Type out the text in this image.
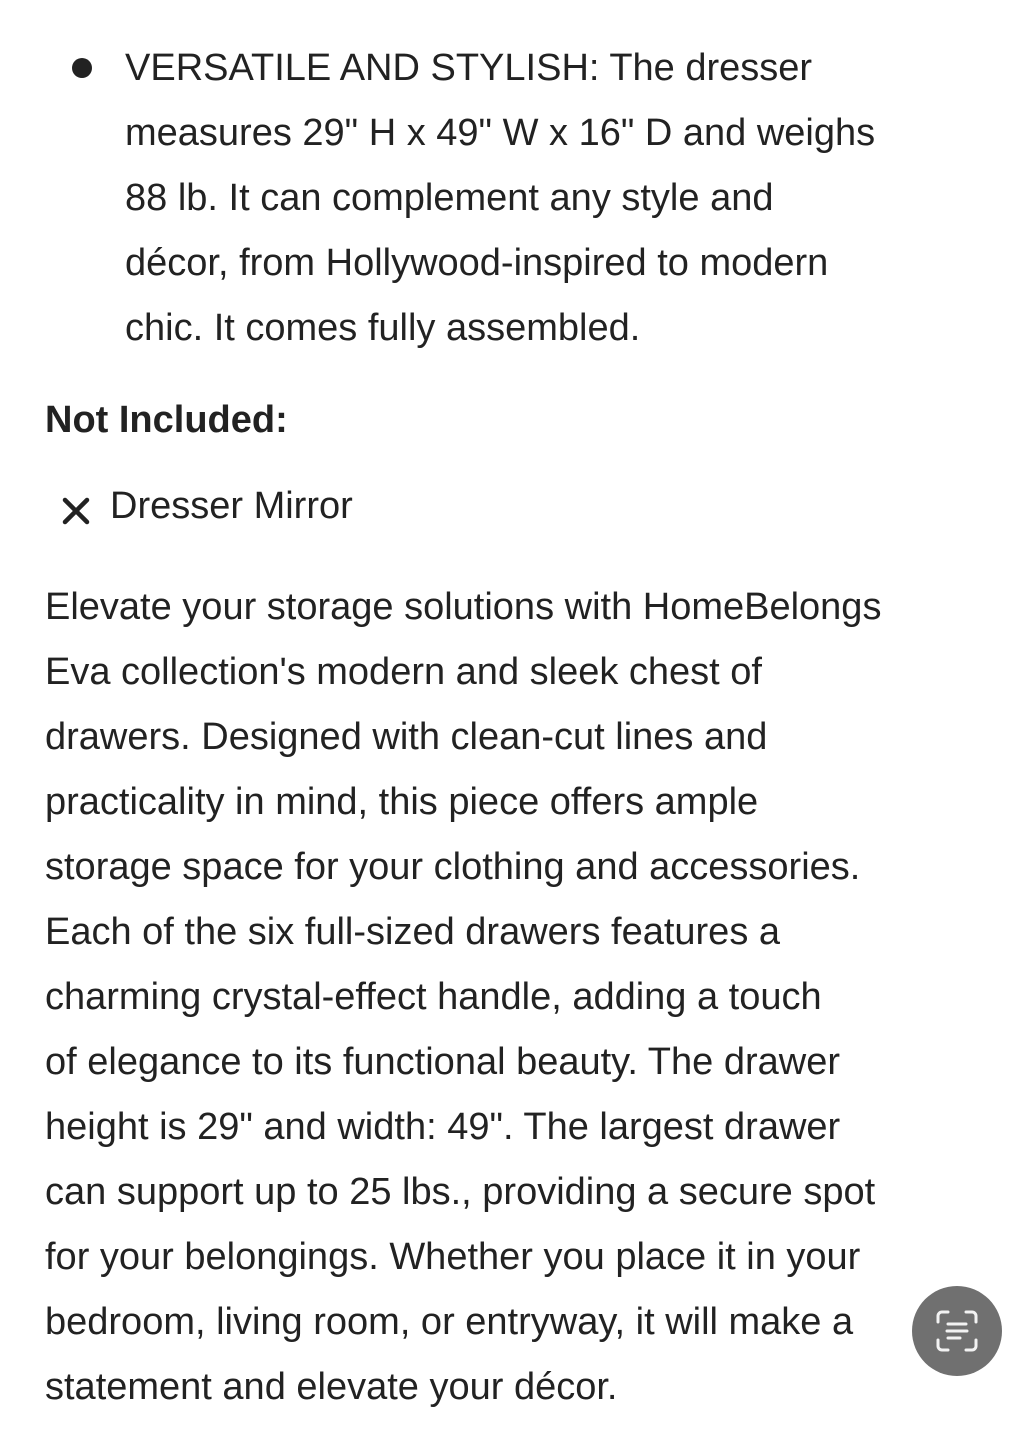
VERSATILE AND STYLISH: The dresser
measures 29" H x 49" W x 16" D and weighs
88 lb. It can complement any style and
décor, from Hollywood-inspired to modern
chic. It comes fully assembled.
Not Included:
Dresser Mirror
Elevate your storage solutions with HomeBelongs
Eva collection's modern and sleek chest of
drawers. Designed with clean-cut lines and
practicality in mind, this piece offers ample
storage space for your clothing and accessories.
Each of the six full-sized drawers features a
charming crystal-effect handle, adding a touch
of elegance to its functional beauty. The drawer
height is 29" and width: 49". The largest drawer
can support up to 25 lbs., providing a secure spot
for your belongings. Whether you place it in your
bedroom, living room, or entryway, it will make a
statement and elevate your décor.
